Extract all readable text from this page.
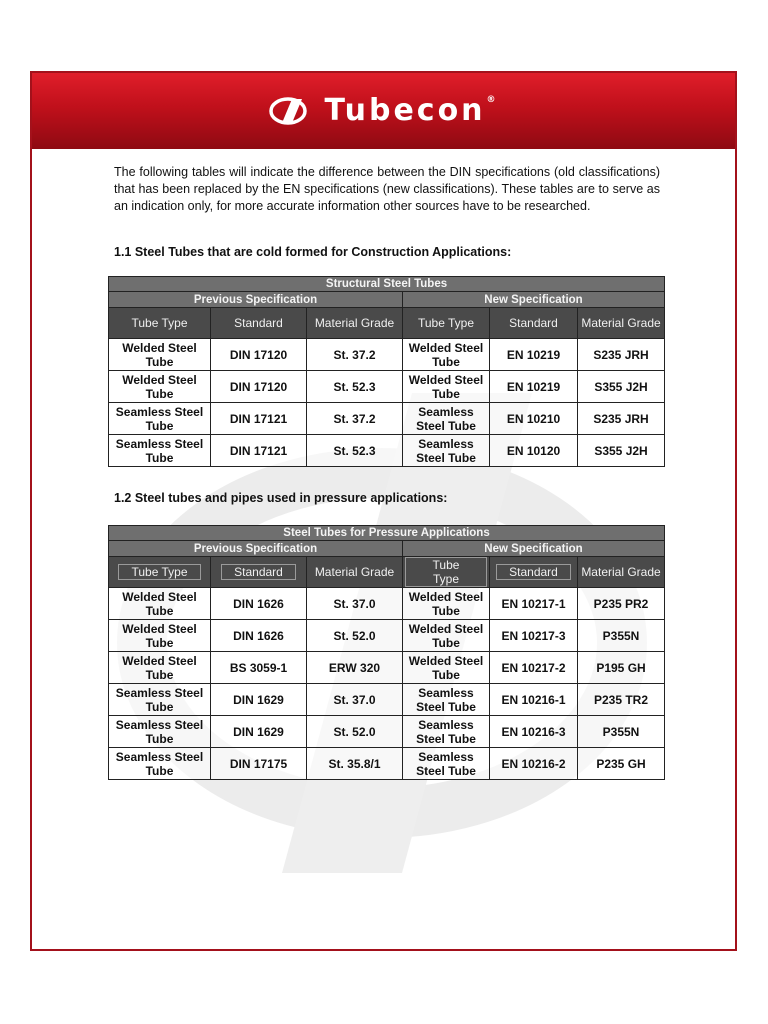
Tubecon®

The following tables will indicate the difference between the DIN specifications (old classifications) that has been replaced by the EN specifications (new classifications). These tables are to serve as an indication only, for more accurate information other sources have to be researched.

1.1 Steel Tubes that are cold formed for Construction Applications:

Structural Steel Tubes					
Previous Specification			New Specification		
Tube Type	Standard	Material Grade	Tube Type	Standard	Material Grade
Welded Steel Tube	DIN 17120	St. 37.2	Welded Steel Tube	EN 10219	S235 JRH
Welded Steel Tube	DIN 17120	St. 52.3	Welded Steel Tube	EN 10219	S355 J2H
Seamless Steel Tube	DIN 17121	St. 37.2	Seamless Steel Tube	EN 10210	S235 JRH
Seamless Steel Tube	DIN 17121	St. 52.3	Seamless Steel Tube	EN 10120	S355 J2H

1.2 Steel tubes and pipes used in pressure applications:

Steel Tubes for Pressure Applications					
Previous Specification			New Specification		
Tube Type	Standard	Material Grade	Tube Type	Standard	Material Grade
Welded Steel Tube	DIN 1626	St. 37.0	Welded Steel Tube	EN 10217-1	P235 PR2
Welded Steel Tube	DIN 1626	St. 52.0	Welded Steel Tube	EN 10217-3	P355N
Welded Steel Tube	BS 3059-1	ERW 320	Welded Steel Tube	EN 10217-2	P195 GH
Seamless Steel Tube	DIN 1629	St. 37.0	Seamless Steel Tube	EN 10216-1	P235 TR2
Seamless Steel Tube	DIN 1629	St. 52.0	Seamless Steel Tube	EN 10216-3	P355N
Seamless Steel Tube	DIN 17175	St. 35.8/1	Seamless Steel Tube	EN 10216-2	P235 GH
